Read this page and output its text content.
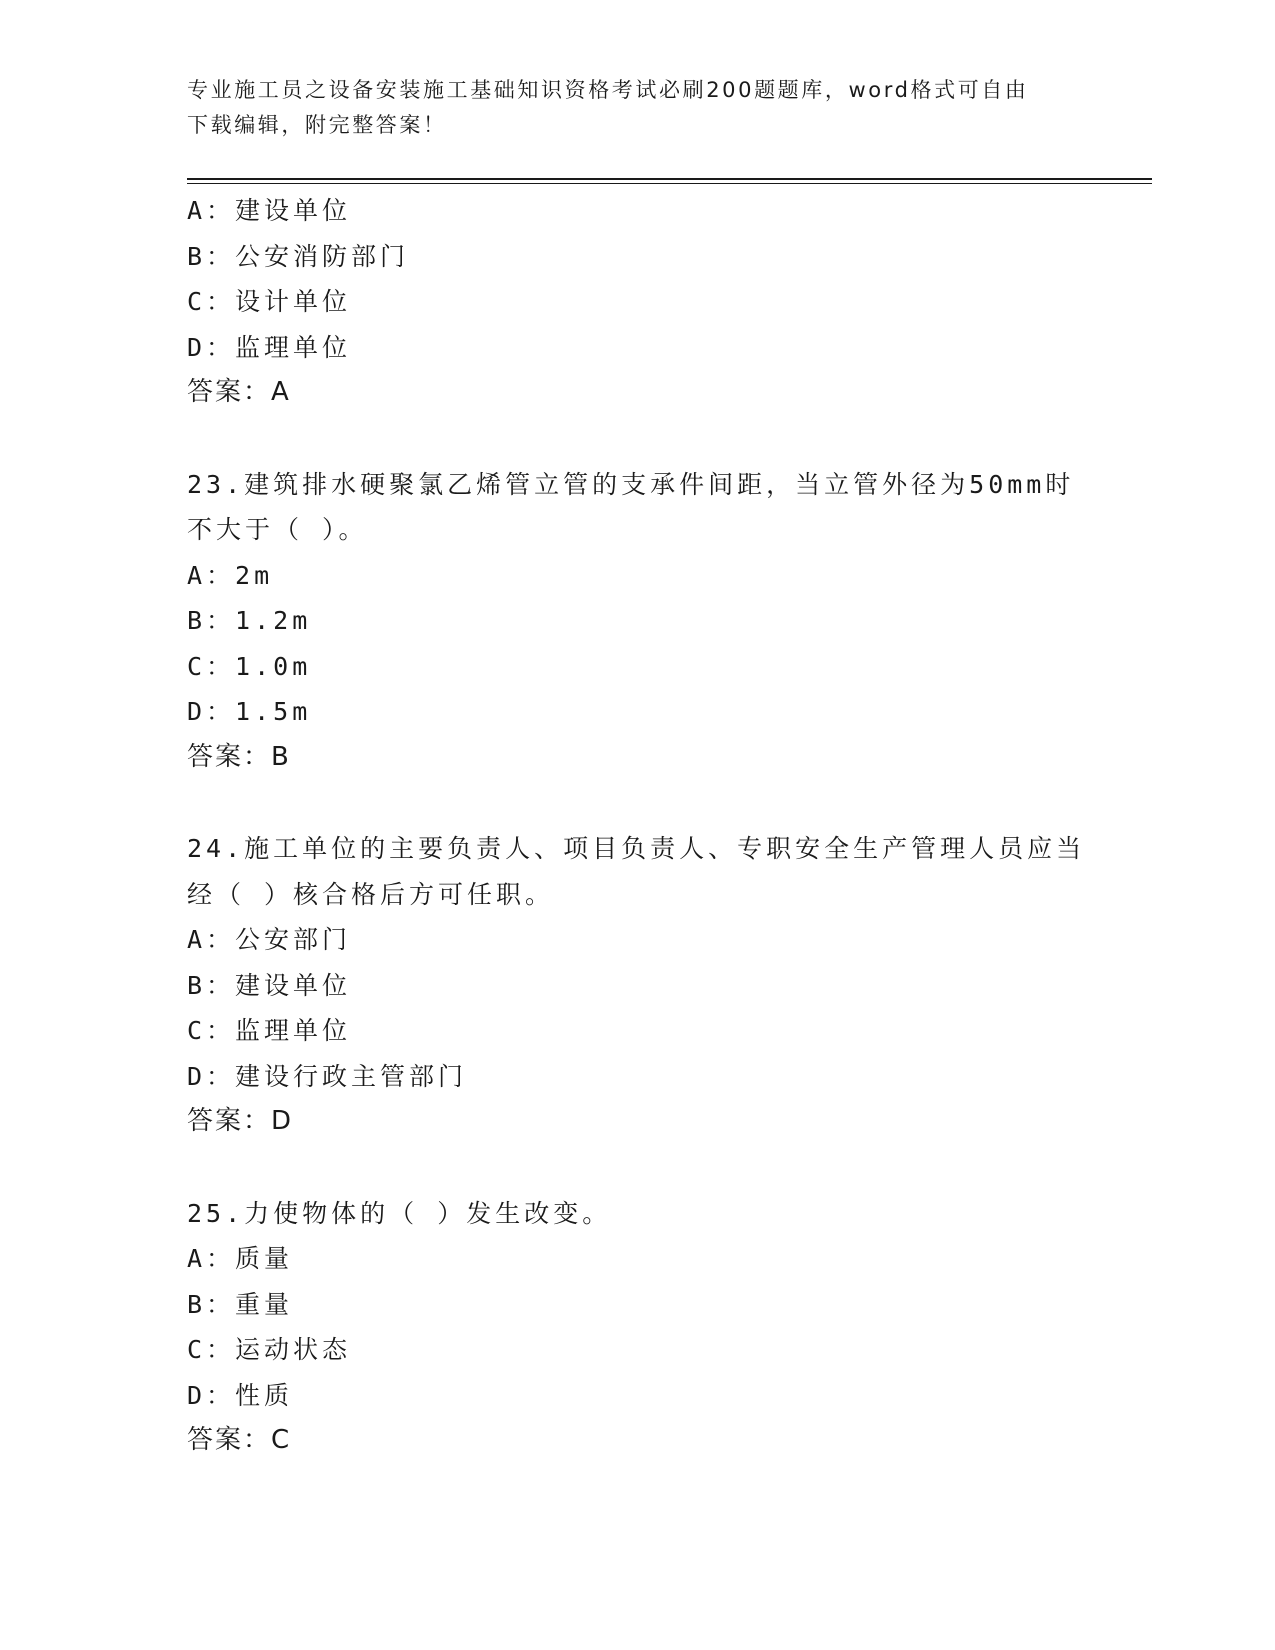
专业施工员之设备安装施工基础知识资格考试必刷200题题库，word格式可自由
下载编辑，附完整答案！
A：建设单位
B：公安消防部门
C：设计单位
D：监理单位
答案：A
23.建筑排水硬聚氯乙烯管立管的支承件间距，当立管外径为50mm时
不大于（ ）。
A：2m
B：1.2m
C：1.0m
D：1.5m
答案：B
24.施工单位的主要负责人、项目负责人、专职安全生产管理人员应当
经（ ）核合格后方可任职。
A：公安部门
B：建设单位
C：监理单位
D：建设行政主管部门
答案：D
25.力使物体的（ ）发生改变。
A：质量
B：重量
C：运动状态
D：性质
答案：C
